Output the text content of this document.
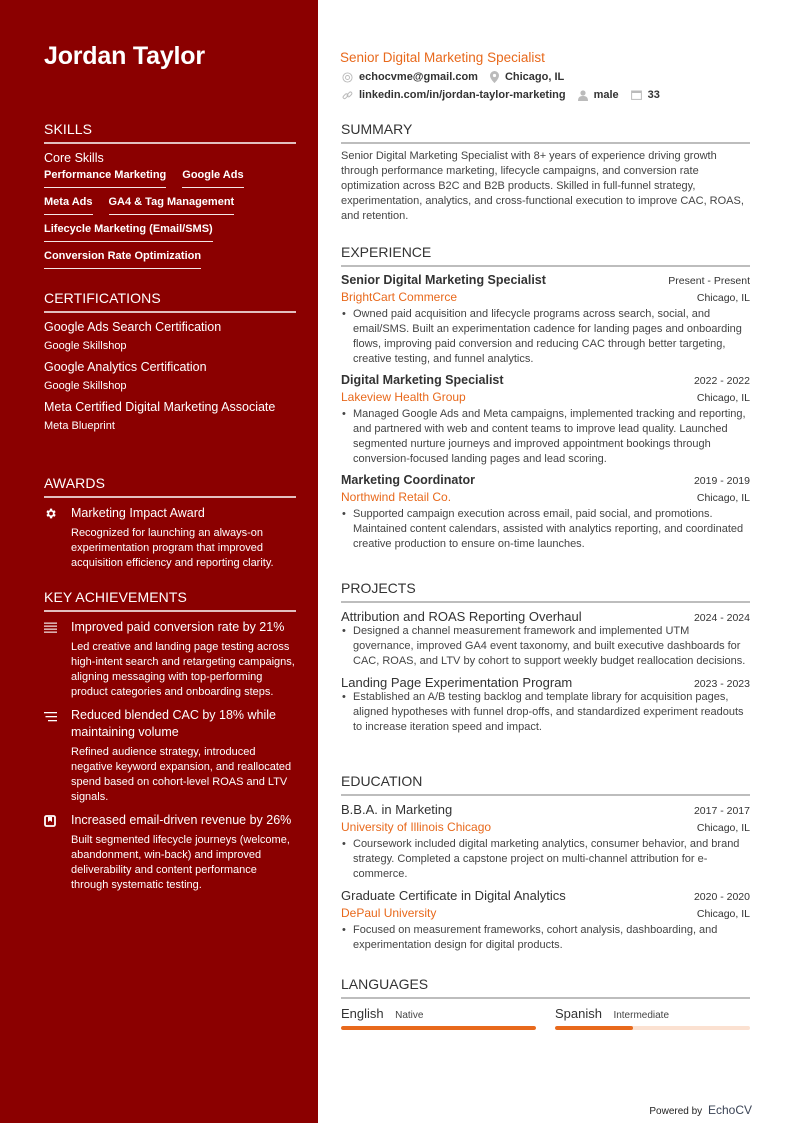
Jordan Taylor
SKILLS
Core Skills
Performance Marketing Google Ads
Meta Ads GA4 & Tag Management
Lifecycle Marketing (Email/SMS)
Conversion Rate Optimization
CERTIFICATIONS
Google Ads Search Certification
Google Skillshop
Google Analytics Certification
Google Skillshop
Meta Certified Digital Marketing Associate
Meta Blueprint
AWARDS
Marketing Impact Award
Recognized for launching an always-on experimentation program that improved acquisition efficiency and reporting clarity.
KEY ACHIEVEMENTS
Improved paid conversion rate by 21%
Led creative and landing page testing across high-intent search and retargeting campaigns, aligning messaging with top-performing product categories and onboarding steps.
Reduced blended CAC by 18% while maintaining volume
Refined audience strategy, introduced negative keyword expansion, and reallocated spend based on cohort-level ROAS and LTV signals.
Increased email-driven revenue by 26%
Built segmented lifecycle journeys (welcome, abandonment, win-back) and improved deliverability and content performance through systematic testing.
Senior Digital Marketing Specialist
echocvme@gmail.com Chicago, IL
linkedin.com/in/jordan-taylor-marketing	male	33
SUMMARY
Senior Digital Marketing Specialist with 8+ years of experience driving growth through performance marketing, lifecycle campaigns, and conversion rate optimization across B2C and B2B products. Skilled in full-funnel strategy, experimentation, analytics, and cross-functional execution to improve CAC, ROAS, and retention.
EXPERIENCE
Senior Digital Marketing Specialist	Present - Present
BrightCart Commerce	Chicago, IL
• Owned paid acquisition and lifecycle programs across search, social, and email/SMS. Built an experimentation cadence for landing pages and onboarding flows, improving paid conversion and reducing CAC through better targeting, creative testing, and funnel analytics.
Digital Marketing Specialist	2022 - 2022
Lakeview Health Group	Chicago, IL
• Managed Google Ads and Meta campaigns, implemented tracking and reporting, and partnered with web and content teams to improve lead quality. Launched segmented nurture journeys and improved appointment bookings through conversion-focused landing pages and lead scoring.
Marketing Coordinator	2019 - 2019
Northwind Retail Co.	Chicago, IL
• Supported campaign execution across email, paid social, and promotions. Maintained content calendars, assisted with analytics reporting, and coordinated creative production to ensure on-time launches.
PROJECTS
Attribution and ROAS Reporting Overhaul	2024 - 2024
• Designed a channel measurement framework and implemented UTM governance, improved GA4 event taxonomy, and built executive dashboards for CAC, ROAS, and LTV by cohort to support weekly budget reallocation decisions.
Landing Page Experimentation Program	2023 - 2023
• Established an A/B testing backlog and template library for acquisition pages, aligned hypotheses with funnel drop-offs, and standardized experiment readouts to increase iteration speed and impact.
EDUCATION
B.B.A. in Marketing	2017 - 2017
University of Illinois Chicago	Chicago, IL
• Coursework included digital marketing analytics, consumer behavior, and brand strategy. Completed a capstone project on multi-channel attribution for e-commerce.
Graduate Certificate in Digital Analytics	2020 - 2020
DePaul University	Chicago, IL
• Focused on measurement frameworks, cohort analysis, dashboarding, and experimentation design for digital products.
LANGUAGES
English Native	Spanish Intermediate
Powered by EchoCV
